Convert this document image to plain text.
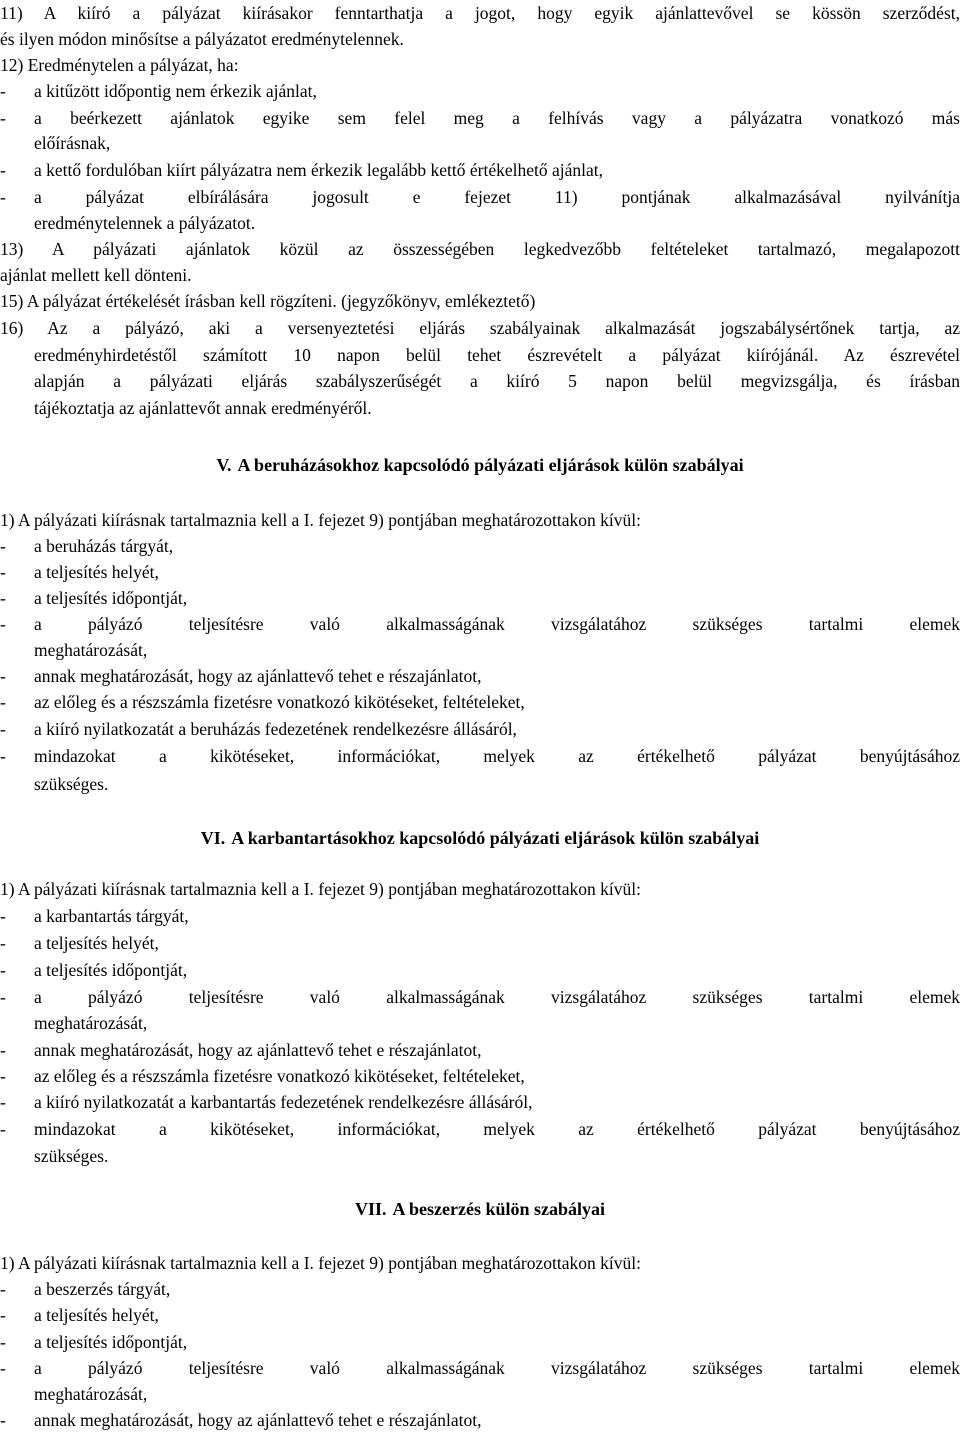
11) A kiíró a pályázat kiírásakor fenntarthatja a jogot, hogy egyik ajánlattevővel se kössön szerződést,
és ilyen módon minősítse a pályázatot eredménytelennek.
12) Eredménytelen a pályázat, ha:
- a kitűzött időpontig nem érkezik ajánlat,
- a beérkezett ajánlatok egyike sem felel meg a felhívás vagy a pályázatra vonatkozó más
előírásnak,
- a kettő fordulóban kiírt pályázatra nem érkezik legalább kettő értékelhető ajánlat,
- a pályázat elbírálására jogosult e fejezet 11) pontjának alkalmazásával nyilvánítja
eredménytelennek a pályázatot.
13) A pályázati ajánlatok közül az összességében legkedvezőbb feltételeket tartalmazó, megalapozott
ajánlat mellett kell dönteni.
15) A pályázat értékelését írásban kell rögzíteni. (jegyzőkönyv, emlékeztető)
16) Az a pályázó, aki a versenyeztetési eljárás szabályainak alkalmazását jogszabálysértőnek tartja, az
eredményhirdetéstől számított 10 napon belül tehet észrevételt a pályázat kiírójánál. Az észrevétel
alapján a pályázati eljárás szabályszerűségét a kiíró 5 napon belül megvizsgálja, és írásban
tájékoztatja az ajánlattevőt annak eredményéről.
V. A beruházásokhoz kapcsolódó pályázati eljárások külön szabályai
1) A pályázati kiírásnak tartalmaznia kell a I. fejezet 9) pontjában meghatározottakon kívül:
- a beruházás tárgyát,
- a teljesítés helyét,
- a teljesítés időpontját,
- a pályázó teljesítésre való alkalmasságának vizsgálatához szükséges tartalmi elemek
meghatározását,
- annak meghatározását, hogy az ajánlattevő tehet e részajánlatot,
- az előleg és a részszámla fizetésre vonatkozó kikötéseket, feltételeket,
- a kiíró nyilatkozatát a beruházás fedezetének rendelkezésre állásáról,
- mindazokat a kikötéseket, információkat, melyek az értékelhető pályázat benyújtásához
szükséges.
VI. A karbantartásokhoz kapcsolódó pályázati eljárások külön szabályai
1) A pályázati kiírásnak tartalmaznia kell a I. fejezet 9) pontjában meghatározottakon kívül:
- a karbantartás tárgyát,
- a teljesítés helyét,
- a teljesítés időpontját,
- a pályázó teljesítésre való alkalmasságának vizsgálatához szükséges tartalmi elemek
meghatározását,
- annak meghatározását, hogy az ajánlattevő tehet e részajánlatot,
- az előleg és a részszámla fizetésre vonatkozó kikötéseket, feltételeket,
- a kiíró nyilatkozatát a karbantartás fedezetének rendelkezésre állásáról,
- mindazokat a kikötéseket, információkat, melyek az értékelhető pályázat benyújtásához
szükséges.
VII. A beszerzés külön szabályai
1) A pályázati kiírásnak tartalmaznia kell a I. fejezet 9) pontjában meghatározottakon kívül:
- a beszerzés tárgyát,
- a teljesítés helyét,
- a teljesítés időpontját,
- a pályázó teljesítésre való alkalmasságának vizsgálatához szükséges tartalmi elemek
meghatározását,
- annak meghatározását, hogy az ajánlattevő tehet e részajánlatot,
